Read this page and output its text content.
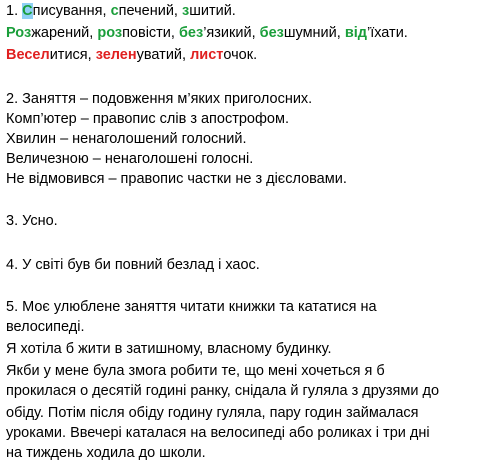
1. Списування, спечений, зшитий.
Розжарений, розповісти, без’язикий, безшумний, від’їхати.
Веселитися, зеленуватий, листочок.
2. Заняття – подовження м’яких приголосних.
Комп’ютер – правопис слів з апострофом.
Хвилин – ненаголошений голосний.
Величезною – ненаголошені голосні.
Не відмовився – правопис частки не з дієсловами.
3. Усно.
4. У світі був би повний безлад і хаос.
5. Моє улюблене заняття читати книжки та кататися на
велосипеді.
Я хотіла б жити в затишному, власному будинку.
Якби у мене була змога робити те, що мені хочеться я б
прокилася о десятій годині ранку, снідала й гуляла з друзями до
обіду. Потім після обіду годину гуляла, пару годин займалася
уроками. Ввечері каталася на велосипеді або роликах і три дні
на тиждень ходила до школи.
